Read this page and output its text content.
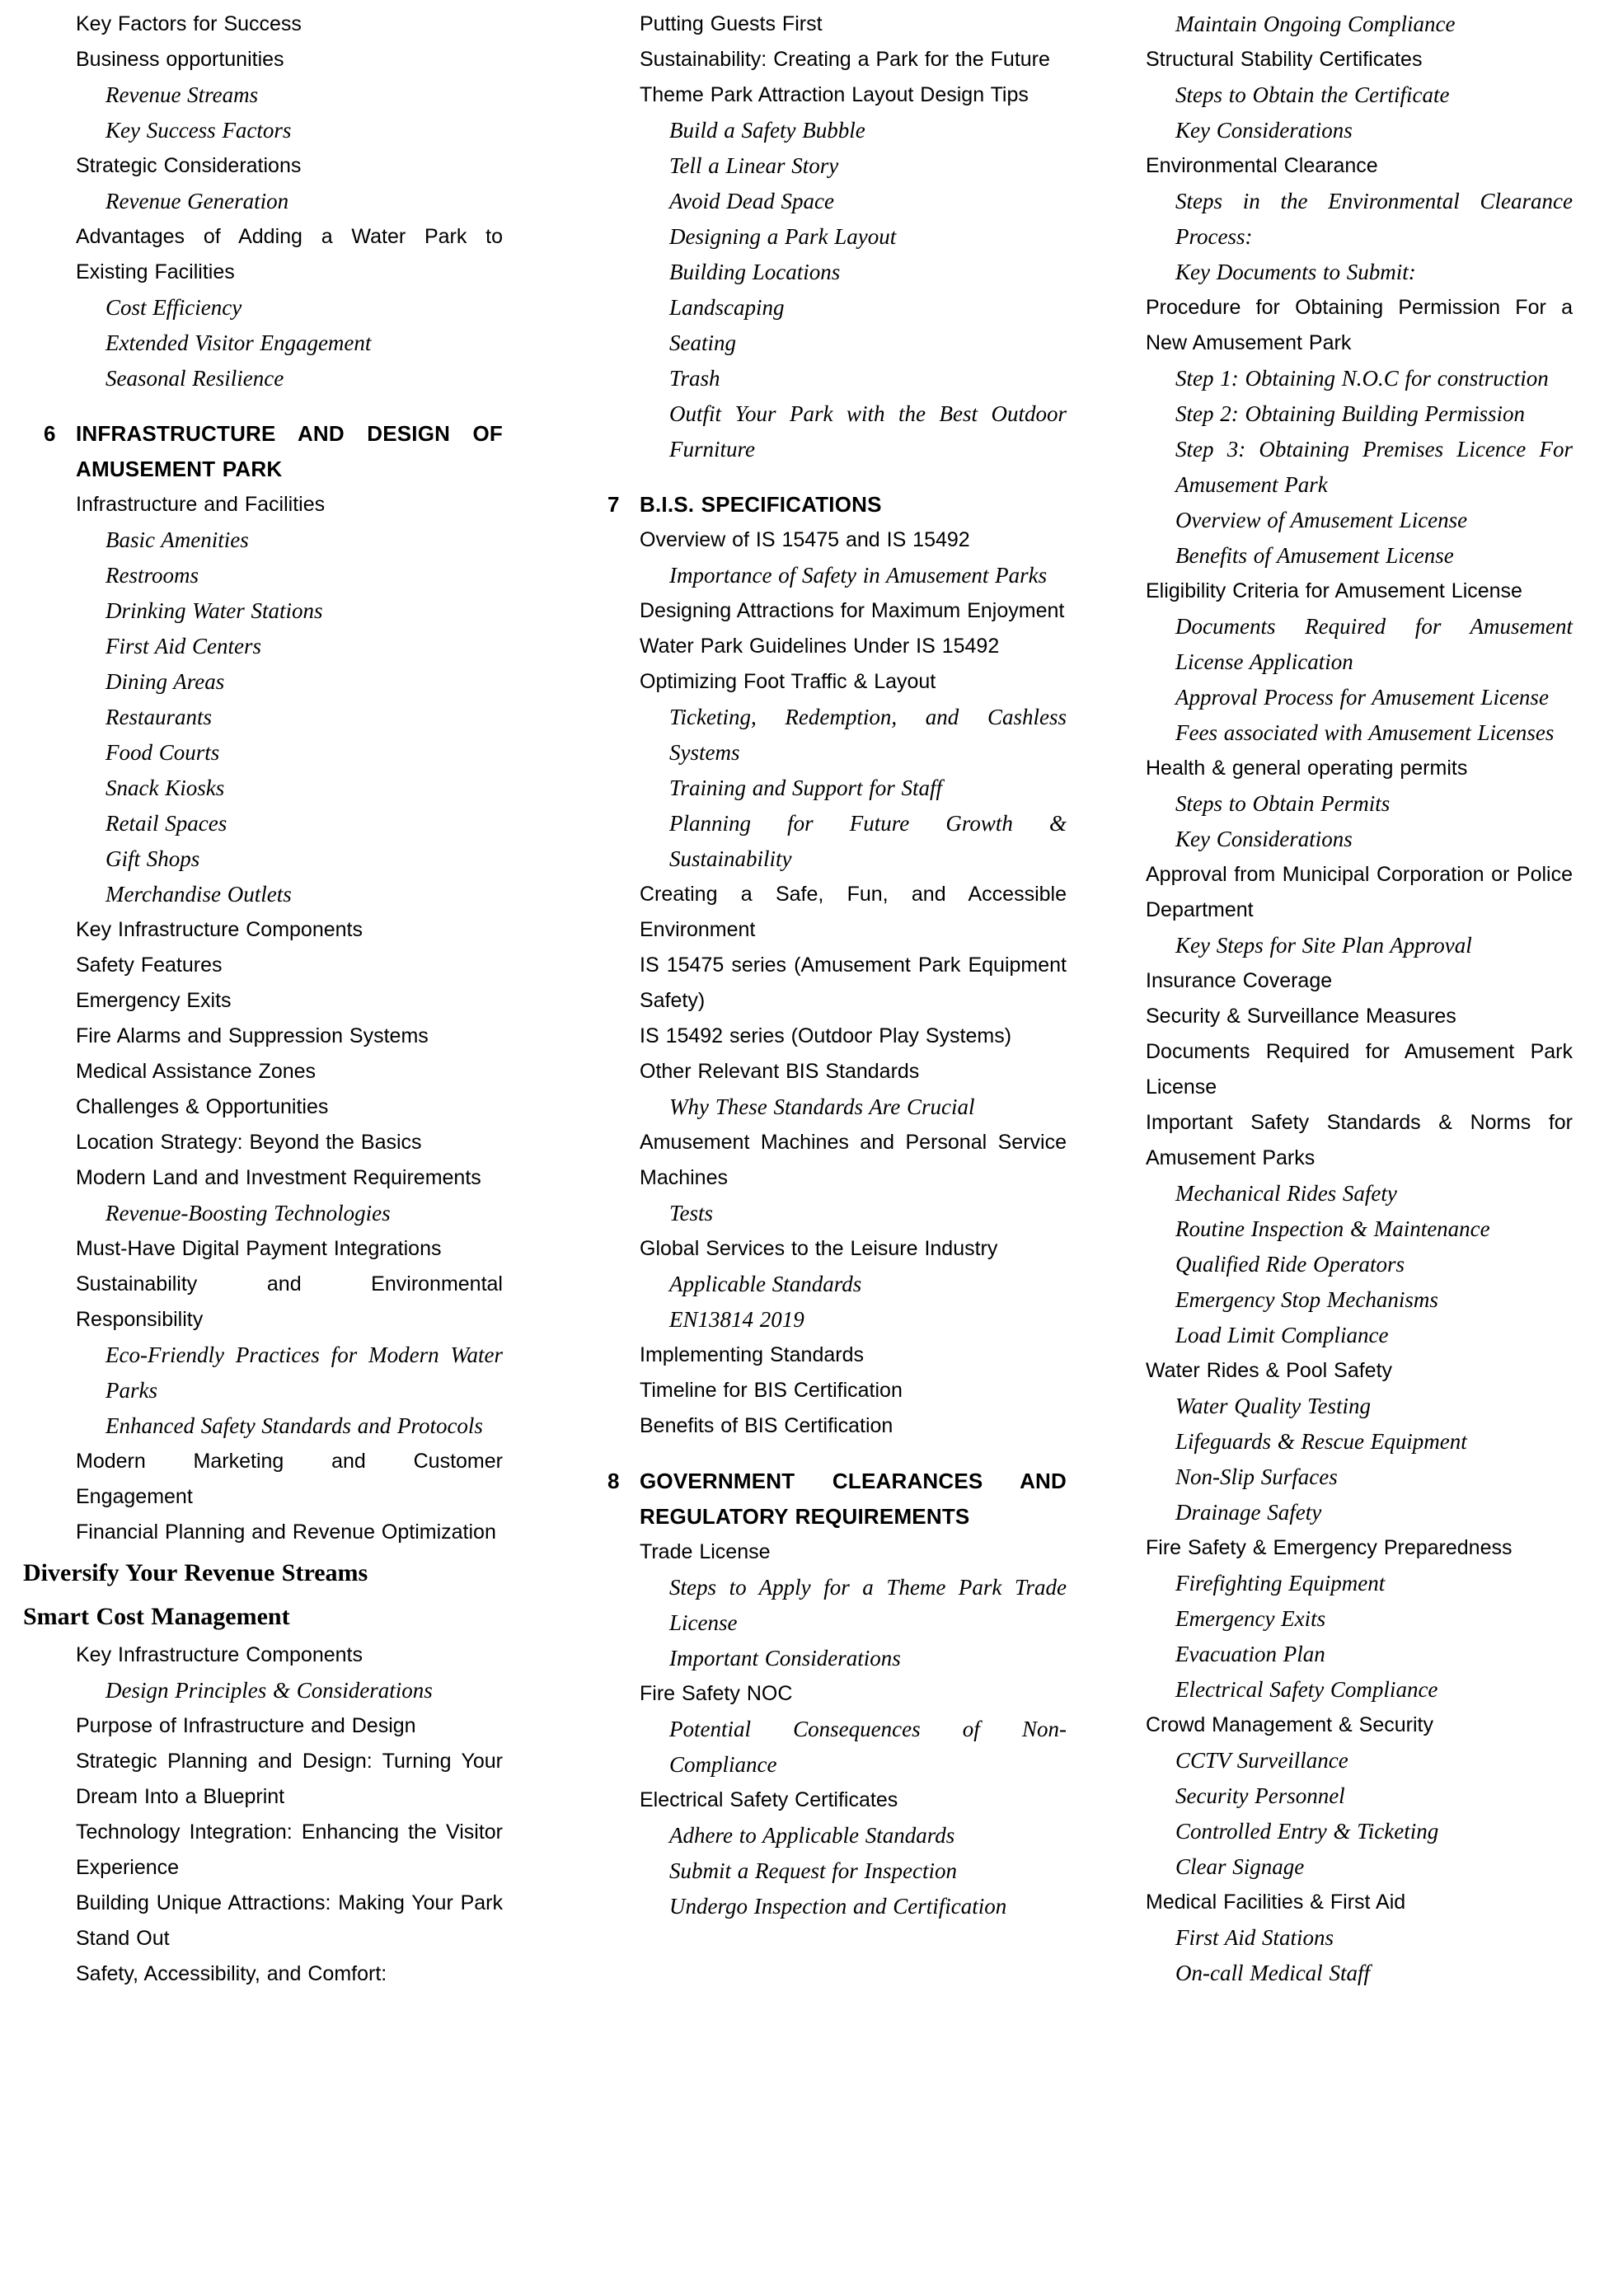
Key Factors for Success
Business opportunities
Revenue Streams
Key Success Factors
Strategic Considerations
Revenue Generation
Advantages of Adding a Water Park to Existing Facilities
Cost Efficiency
Extended Visitor Engagement
Seasonal Resilience
6 INFRASTRUCTURE AND DESIGN OF AMUSEMENT PARK
Infrastructure and Facilities
Basic Amenities
Restrooms
Drinking Water Stations
First Aid Centers
Dining Areas
Restaurants
Food Courts
Snack Kiosks
Retail Spaces
Gift Shops
Merchandise Outlets
Key Infrastructure Components
Safety Features
Emergency Exits
Fire Alarms and Suppression Systems
Medical Assistance Zones
Challenges & Opportunities
Location Strategy: Beyond the Basics
Modern Land and Investment Requirements
Revenue-Boosting Technologies
Must-Have Digital Payment Integrations
Sustainability and Environmental Responsibility
Eco-Friendly Practices for Modern Water Parks
Enhanced Safety Standards and Protocols
Modern Marketing and Customer Engagement
Financial Planning and Revenue Optimization
Diversify Your Revenue Streams
Smart Cost Management
Key Infrastructure Components
Design Principles & Considerations
Purpose of Infrastructure and Design
Strategic Planning and Design: Turning Your Dream Into a Blueprint
Technology Integration: Enhancing the Visitor Experience
Building Unique Attractions: Making Your Park Stand Out
Safety, Accessibility, and Comfort:
Putting Guests First
Sustainability: Creating a Park for the Future
Theme Park Attraction Layout Design Tips
Build a Safety Bubble
Tell a Linear Story
Avoid Dead Space
Designing a Park Layout
Building Locations
Landscaping
Seating
Trash
Outfit Your Park with the Best Outdoor Furniture
7 B.I.S. SPECIFICATIONS
Overview of IS 15475 and IS 15492
Importance of Safety in Amusement Parks
Designing Attractions for Maximum Enjoyment
Water Park Guidelines Under IS 15492
Optimizing Foot Traffic & Layout
Ticketing, Redemption, and Cashless Systems
Training and Support for Staff
Planning for Future Growth & Sustainability
Creating a Safe, Fun, and Accessible Environment
IS 15475 series (Amusement Park Equipment Safety)
IS 15492 series (Outdoor Play Systems)
Other Relevant BIS Standards
Why These Standards Are Crucial
Amusement Machines and Personal Service Machines
Tests
Global Services to the Leisure Industry
Applicable Standards
EN13814 2019
Implementing Standards
Timeline for BIS Certification
Benefits of BIS Certification
8 GOVERNMENT CLEARANCES AND REGULATORY REQUIREMENTS
Trade License
Steps to Apply for a Theme Park Trade License
Important Considerations
Fire Safety NOC
Potential Consequences of Non-Compliance
Electrical Safety Certificates
Adhere to Applicable Standards
Submit a Request for Inspection
Undergo Inspection and Certification
Maintain Ongoing Compliance
Structural Stability Certificates
Steps to Obtain the Certificate
Key Considerations
Environmental Clearance
Steps in the Environmental Clearance Process:
Key Documents to Submit:
Procedure for Obtaining Permission For a New Amusement Park
Step 1: Obtaining N.O.C for construction
Step 2: Obtaining Building Permission
Step 3: Obtaining Premises Licence For Amusement Park
Overview of Amusement License
Benefits of Amusement License
Eligibility Criteria for Amusement License
Documents Required for Amusement License Application
Approval Process for Amusement License
Fees associated with Amusement Licenses
Health & general operating permits
Steps to Obtain Permits
Key Considerations
Approval from Municipal Corporation or Police Department
Key Steps for Site Plan Approval
Insurance Coverage
Security & Surveillance Measures
Documents Required for Amusement Park License
Important Safety Standards & Norms for Amusement Parks
Mechanical Rides Safety
Routine Inspection & Maintenance
Qualified Ride Operators
Emergency Stop Mechanisms
Load Limit Compliance
Water Rides & Pool Safety
Water Quality Testing
Lifeguards & Rescue Equipment
Non-Slip Surfaces
Drainage Safety
Fire Safety & Emergency Preparedness
Firefighting Equipment
Emergency Exits
Evacuation Plan
Electrical Safety Compliance
Crowd Management & Security
CCTV Surveillance
Security Personnel
Controlled Entry & Ticketing
Clear Signage
Medical Facilities & First Aid
First Aid Stations
On-call Medical Staff
